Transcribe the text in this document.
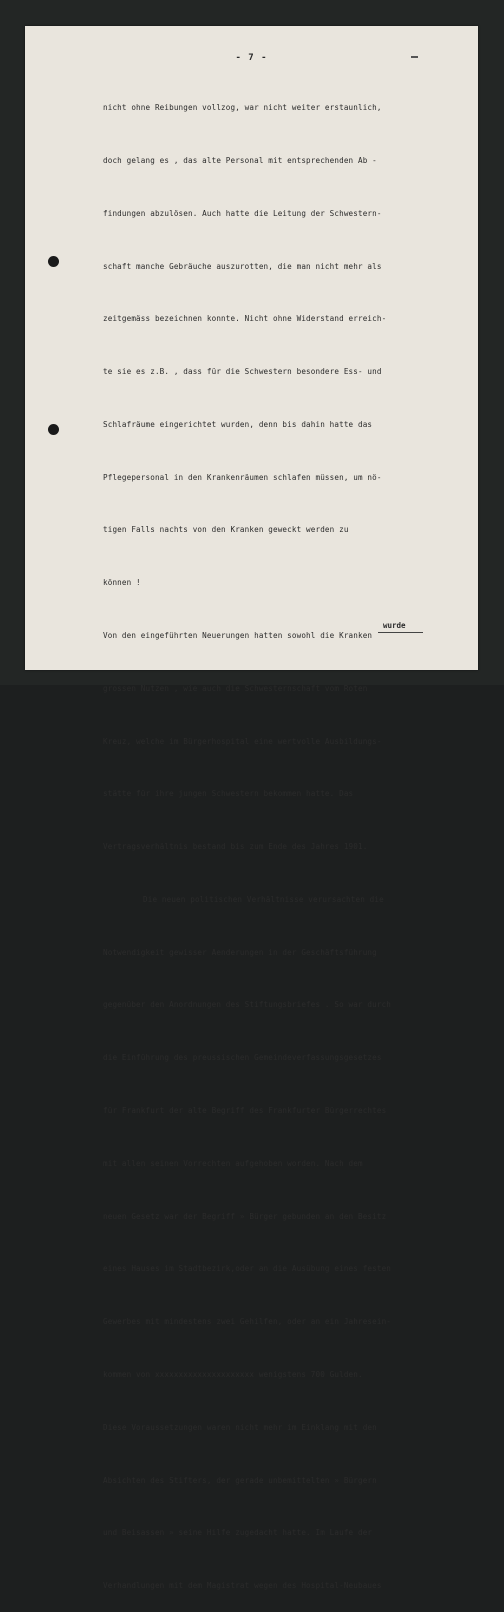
- 7 -

nicht ohne Reibungen vollzog, war nicht weiter erstaunlich,

doch gelang es , das alte Personal mit entsprechenden Ab -

findungen abzulösen. Auch hatte die Leitung der Schwestern-

schaft manche Gebräuche auszurotten, die man nicht mehr als

zeitgemäss bezeichnen konnte. Nicht ohne Widerstand erreich-

te sie es z.B. , dass für die Schwestern besondere Ess- und

Schlafräume eingerichtet wurden, denn bis dahin hatte das

Pflegepersonal in den Krankenräumen schlafen müssen, um nö-

tigen Falls nachts von den Kranken geweckt werden zu

können !

Von den eingeführten Neuerungen hatten sowohl die Kranken

grossen Nutzen , wie auch die Schwesternschaft vom Roten

Kreuz, welche im Bürgerhospital eine wertvolle Ausbildungs-

stätte für ihre jungen Schwestern bekommen hatte. Das

Vertragsverhältnis bestand bis zum Ende des Jahres 1901.

Die neuen politischen Verhältnisse verursachten die

Notwendigkeit gewisser Aenderungen in der Geschäftsführung

gegenüber den Anordnungen des Stiftungsbriefes . So war durch

die Einführung des preussischen Gemeindeverfassungsgesetzes

für Frankfurt der alte Begriff des Frankfurter Bürgerrechtes

mit allen seinen Vorrechten aufgehoben worden. Nach dem

neuen Gesetz war der Begriff » Bürger gebunden an den Besitz

eines Hauses im Stadtbezirk,oder an die Ausübung eines festen

Gewerbes mit mindestens zwei Gehilfen, oder an ein Jahresein-

kommen von xxxxxxxxxxxxxxxxxxxxx wenigstens 700 Gulden.

Diese Voraussetzungen waren nicht mehr im Einklang mit den

Absichten des Stifters, der gerade unbemittelten » Bürgern

und Beisassen » seine Hilfe zugedacht hatte. Im Laufe der

Verhandlungen mit dem Magistrat wegen des Hospital-Neubaues

wurde
